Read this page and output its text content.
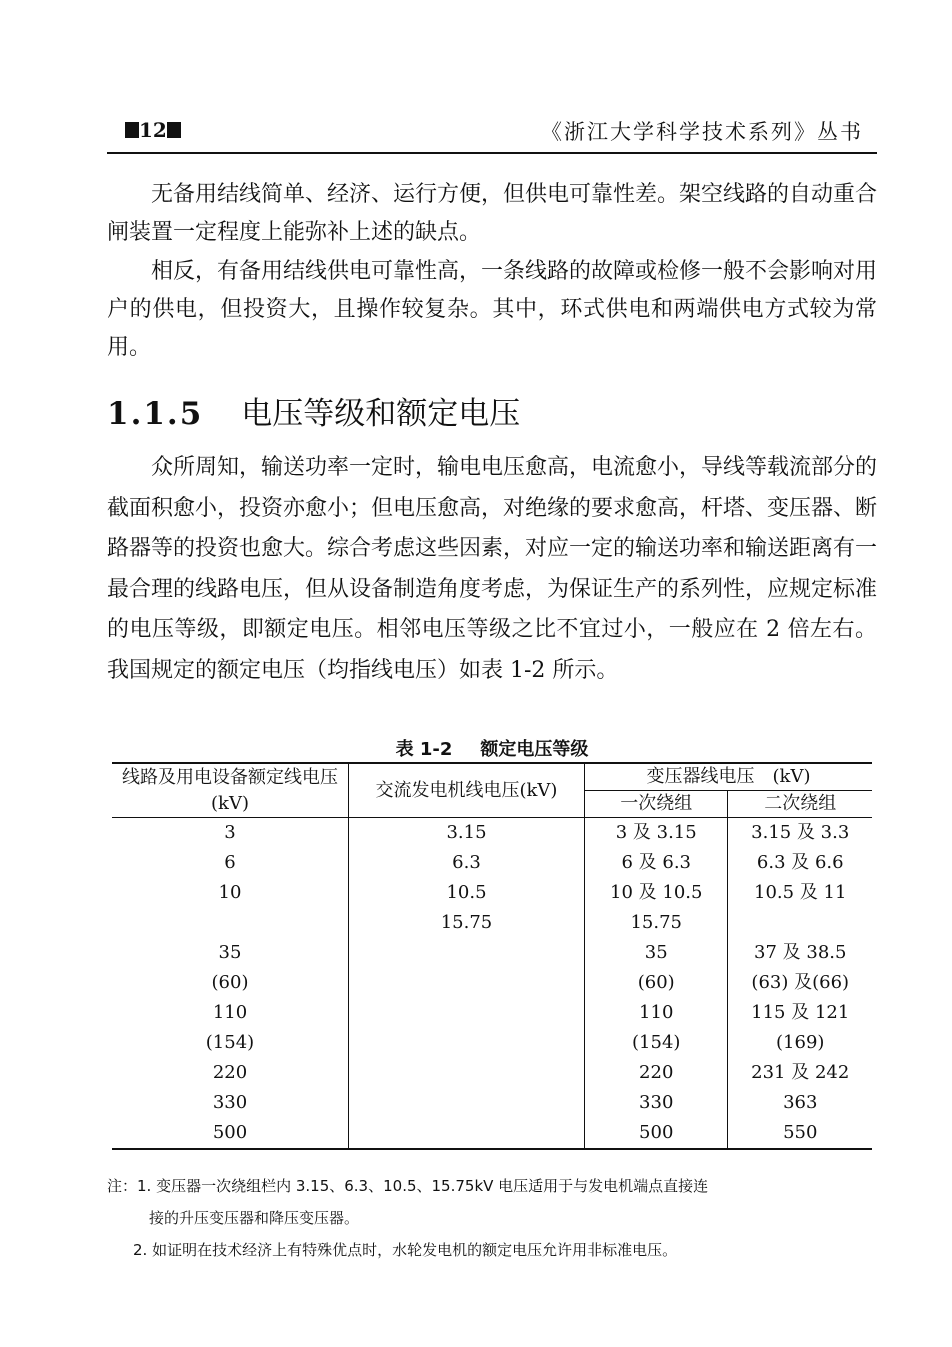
12	《浙江大学科学技术系列》丛书

无备用结线简单、经济、运行方便，但供电可靠性差。架空线路的自动重合闸装置一定程度上能弥补上述的缺点。

相反，有备用结线供电可靠性高，一条线路的故障或检修一般不会影响对用户的供电，但投资大，且操作较复杂。其中，环式供电和两端供电方式较为常用。

1.1.5 电压等级和额定电压

众所周知，输送功率一定时，输电电压愈高，电流愈小，导线等载流部分的截面积愈小，投资亦愈小；但电压愈高，对绝缘的要求愈高，杆塔、变压器、断路器等的投资也愈大。综合考虑这些因素，对应一定的输送功率和输送距离有一最合理的线路电压，但从设备制造角度考虑，为保证生产的系列性，应规定标准的电压等级，即额定电压。相邻电压等级之比不宜过小，一般应在 2 倍左右。我国规定的额定电压（均指线电压）如表 1-2 所示。

表 1-2 额定电压等级
线路及用电设备额定线电压(kV)	交流发电机线电压(kV)	变压器线电压　(kV)	
		一次绕组	二次绕组
3	3.15	3 及 3.15	3.15 及 3.3
6	6.3	6 及 6.3	6.3 及 6.6
10	10.5	10 及 10.5	10.5 及 11
	15.75	15.75	
35		35	37 及 38.5
(60)		(60)	(63) 及(66)
110		110	115 及 121
(154)		(154)	(169)
220		220	231 及 242
330		330	363
500		500	550

注：1. 变压器一次绕组栏内 3.15、6.3、10.5、15.75kV 电压适用于与发电机端点直接连

接的升压变压器和降压变压器。

2. 如证明在技术经济上有特殊优点时，水轮发电机的额定电压允许用非标准电压。
